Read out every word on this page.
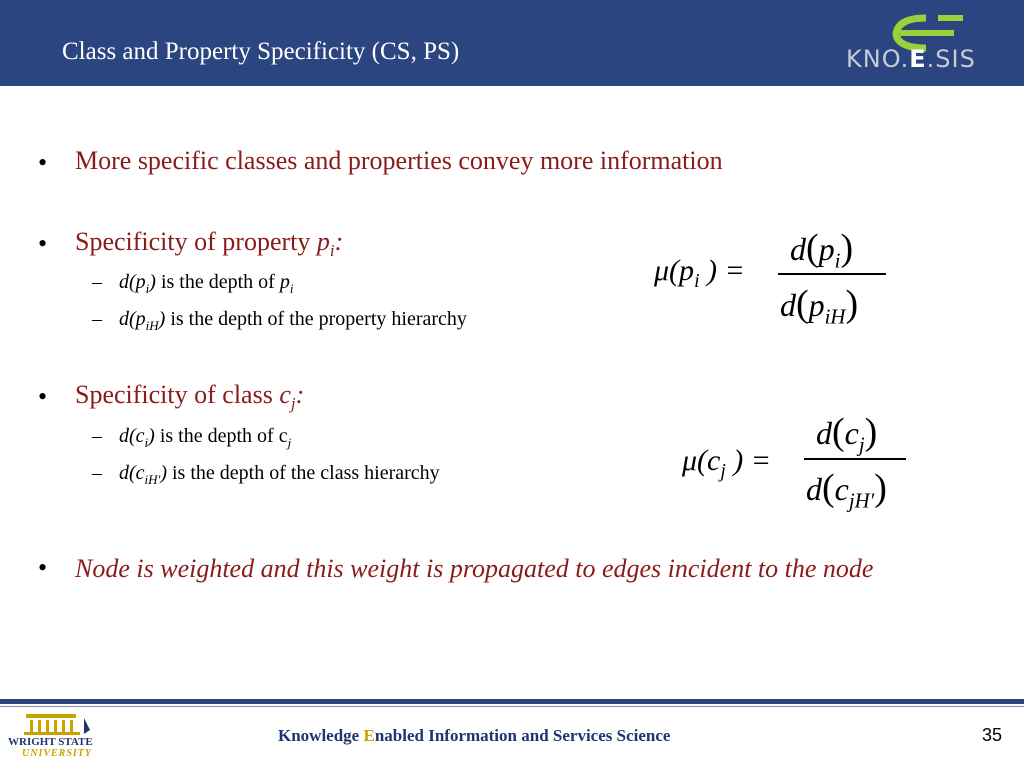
Class and Property Specificity (CS, PS)	KNO.E.SIS
• More specific classes and properties convey more information
• Specificity of property $p_i$:
– $d(p_i)$ is the depth of $p_i$
– $d(p_{iH})$ is the depth of the property hierarchy
• Specificity of class $c_j$:
– $d(c_i)$ is the depth of $c_j$
– $d(c_{iH'})$ is the depth of the class hierarchy
• Node is weighted and this weight is propagated to edges incident to the node
$\mu(p_i$ ) =
$d(p_i)$
$d(p_{iH})$
$\mu(c_j$ ) =
$d(c_j)$
$d(c_{jH'})$
WRIGHT STATE
UNIVERSITY
Knowledge Enabled Information and Services Science	35
